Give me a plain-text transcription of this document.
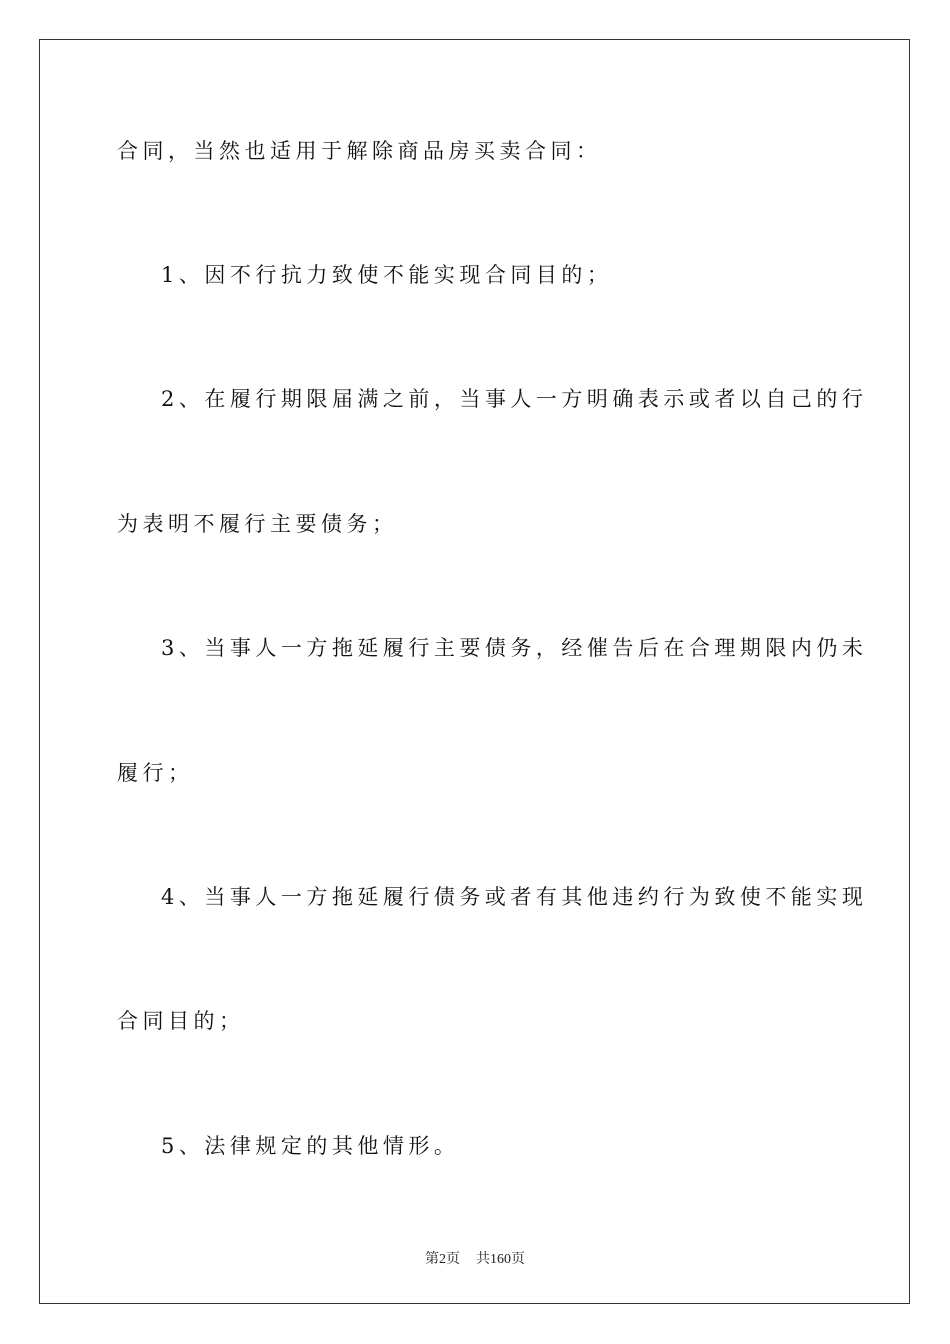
合同，当然也适用于解除商品房买卖合同：
1、因不行抗力致使不能实现合同目的；
2、在履行期限届满之前，当事人一方明确表示或者以自己的行
为表明不履行主要债务；
3、当事人一方拖延履行主要债务，经催告后在合理期限内仍未
履行；
4、当事人一方拖延履行债务或者有其他违约行为致使不能实现
合同目的；
5、法律规定的其他情形。
第2页 共160页
